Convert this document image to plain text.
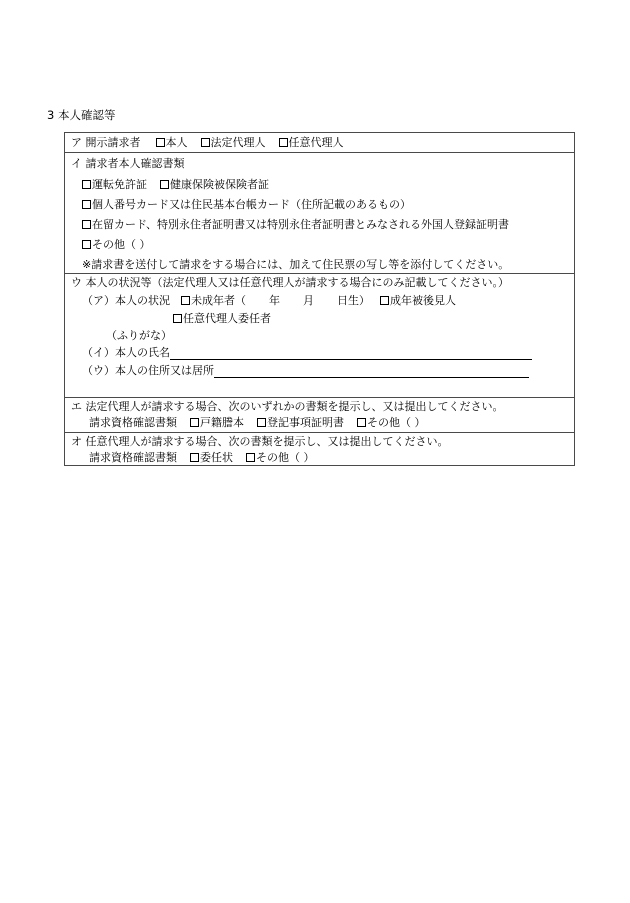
3 本人確認等
ア 開示請求者 本人 法定代理人 任意代理人
イ 請求者本人確認書類
運転免許証 健康保険被保険者証
個人番号カード又は住民基本台帳カード（住所記載のあるもの）
在留カード、特別永住者証明書又は特別永住者証明書とみなされる外国人登録証明書
その他（ ）
※請求書を送付して請求をする場合には、加えて住民票の写し等を添付してください。
ウ 本人の状況等（法定代理人又は任意代理人が請求する場合にのみ記載してください。）
（ア）本人の状況 未成年者（ 年 月 日生） 成年被後見人
任意代理人委任者
（ふりがな）
（イ）本人の氏名
（ウ）本人の住所又は居所
エ 法定代理人が請求する場合、次のいずれかの書類を提示し、又は提出してください。
請求資格確認書類 戸籍謄本 登記事項証明書 その他（ ）
オ 任意代理人が請求する場合、次の書類を提示し、又は提出してください。
請求資格確認書類 委任状 その他（ ）
